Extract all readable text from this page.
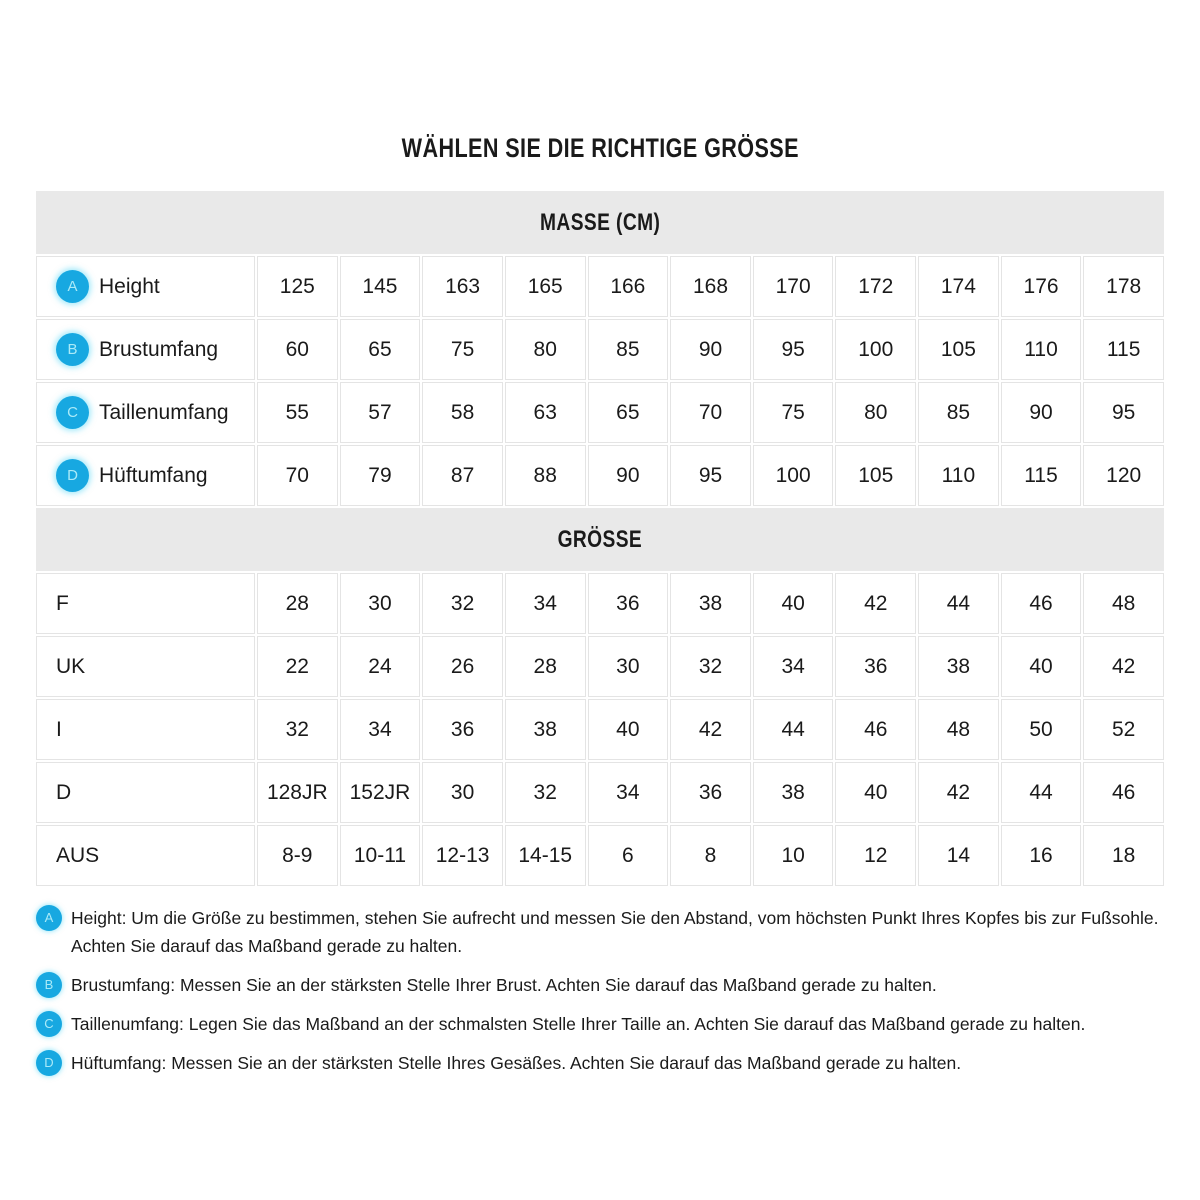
WÄHLEN SIE DIE RICHTIGE GRÖSSE
MASSE (CM)
A	Height	125	145	163	165	166	168	170	172	174	176	178
B	Brustumfang	60	65	75	80	85	90	95	100	105	110	115
C	Taillenumfang	55	57	58	63	65	70	75	80	85	90	95
D	Hüftumfang	70	79	87	88	90	95	100	105	110	115	120
GRÖSSE
F	28	30	32	34	36	38	40	42	44	46	48
UK	22	24	26	28	30	32	34	36	38	40	42
I	32	34	36	38	40	42	44	46	48	50	52
D	128JR	152JR	30	32	34	36	38	40	42	44	46
AUS	8-9	10-11	12-13	14-15	6	8	10	12	14	16	18
A	Height: Um die Größe zu bestimmen, stehen Sie aufrecht und messen Sie den Abstand, vom höchsten Punkt Ihres Kopfes bis zur Fußsohle.
Achten Sie darauf das Maßband gerade zu halten.
B	Brustumfang: Messen Sie an der stärksten Stelle Ihrer Brust. Achten Sie darauf das Maßband gerade zu halten.
C Taillenumfang: Legen Sie das Maßband an der schmalsten Stelle Ihrer Taille an. Achten Sie darauf das Maßband gerade zu halten.
D Hüftumfang: Messen Sie an der stärksten Stelle Ihres Gesäßes. Achten Sie darauf das Maßband gerade zu halten.
